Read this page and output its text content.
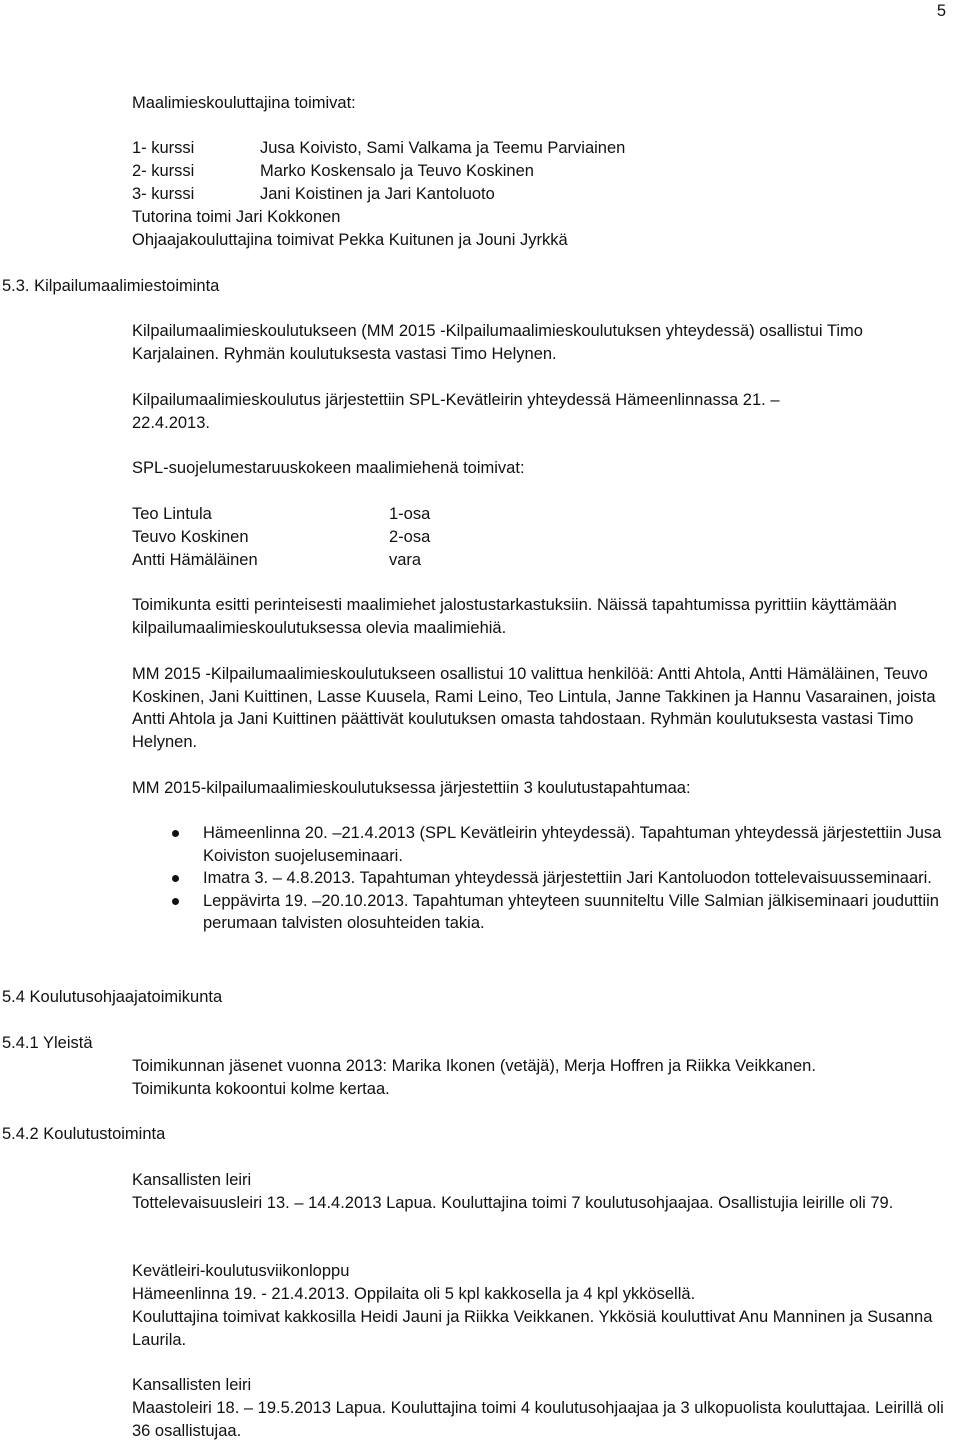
5
Maalimieskouluttajina toimivat:
1- kurssi	Jusa Koivisto, Sami Valkama ja Teemu Parviainen
2- kurssi	Marko Koskensalo ja Teuvo Koskinen
3- kurssi	Jani Koistinen ja Jari Kantoluoto
Tutorina toimi Jari Kokkonen
Ohjaajakouluttajina toimivat Pekka Kuitunen ja Jouni Jyrkkä
5.3. Kilpailumaalimiestoiminta
Kilpailumaalimieskoulutukseen (MM 2015 -Kilpailumaalimieskoulutuksen yhteydessä) osallistui Timo Karjalainen. Ryhmän koulutuksesta vastasi Timo Helynen.
Kilpailumaalimieskoulutus järjestettiin SPL-Kevätleirin yhteydessä Hämeenlinnassa 21. –
22.4.2013.
SPL-suojelumestaruuskokeen maalimiehenä toimivat:
Teo Lintula	1-osa
Teuvo Koskinen	2-osa
Antti Hämäläinen	vara
Toimikunta esitti perinteisesti maalimiehet jalostustarkastuksiin. Näissä tapahtumissa pyrittiin käyttämään kilpailumaalimieskoulutuksessa olevia maalimiehiä.
MM 2015 -Kilpailumaalimieskoulutukseen osallistui 10 valittua henkilöä: Antti Ahtola, Antti Hämäläinen, Teuvo Koskinen, Jani Kuittinen, Lasse Kuusela, Rami Leino, Teo Lintula, Janne Takkinen ja Hannu Vasarainen, joista Antti Ahtola ja Jani Kuittinen päättivät koulutuksen omasta tahdostaan. Ryhmän koulutuksesta vastasi Timo Helynen.
MM 2015-kilpailumaalimieskoulutuksessa järjestettiin 3 koulutustapahtumaa:
Hämeenlinna 20. –21.4.2013 (SPL Kevätleirin yhteydessä). Tapahtuman yhteydessä järjestettiin Jusa Koiviston suojeluseminaari.
Imatra 3. – 4.8.2013. Tapahtuman yhteydessä järjestettiin Jari Kantoluodon tottelevaisuusseminaari.
Leppävirta 19. –20.10.2013. Tapahtuman yhteyteen suunniteltu Ville Salmian jälkiseminaari jouduttiin perumaan talvisten olosuhteiden takia.
5.4 Koulutusohjaajatoimikunta
5.4.1 Yleistä
Toimikunnan jäsenet vuonna 2013: Marika Ikonen (vetäjä), Merja Hoffren ja Riikka Veikkanen. Toimikunta kokoontui kolme kertaa.
5.4.2 Koulutustoiminta
Kansallisten leiri
Tottelevaisuusleiri 13. – 14.4.2013 Lapua. Kouluttajina toimi 7 koulutusohjaajaa. Osallistujia leirille oli 79.
Kevätleiri-koulutusviikonloppu
Hämeenlinna 19. - 21.4.2013. Oppilaita oli 5 kpl kakkosella ja 4 kpl ykkösellä.
Kouluttajina toimivat kakkosilla Heidi Jauni ja Riikka Veikkanen. Ykkösiä kouluttivat Anu Manninen ja Susanna Laurila.
Kansallisten leiri
Maastoleiri 18. – 19.5.2013 Lapua. Kouluttajina toimi 4 koulutusohjaajaa ja 3 ulkopuolista kouluttajaa. Leirillä oli 36 osallistujaa.
